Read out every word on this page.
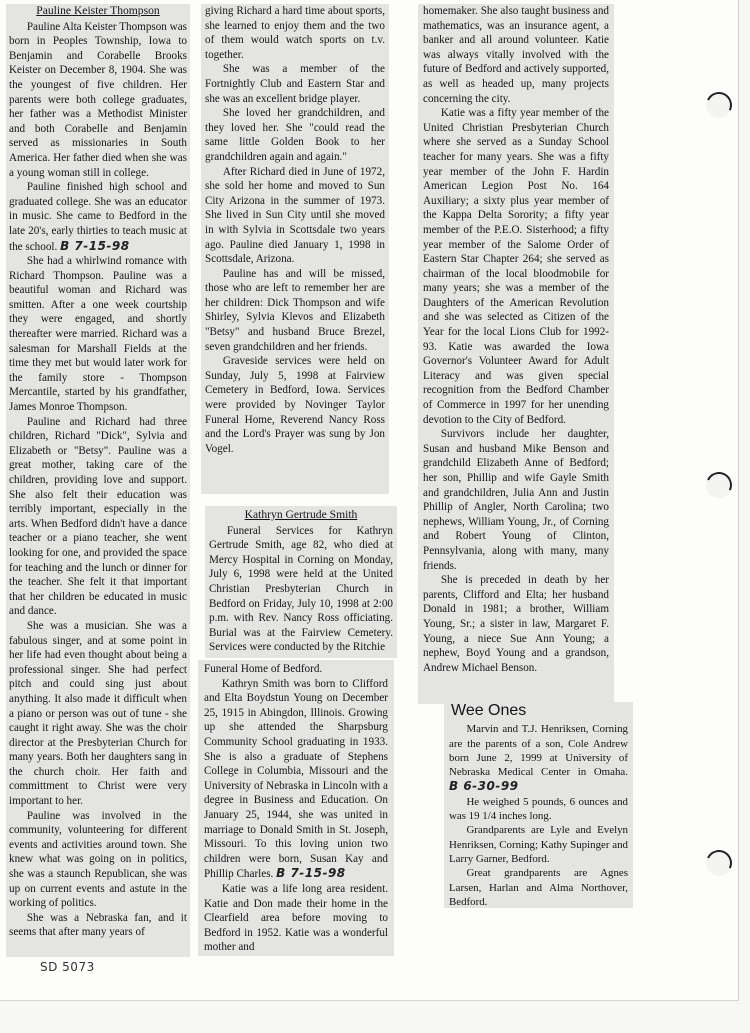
Pauline Keister Thompson

Pauline Alta Keister Thompson was born in Peoples Township, Iowa to Benjamin and Corabelle Brooks Keister on December 8, 1904. She was the youngest of five children. Her parents were both college graduates, her father was a Methodist Minister and both Corabelle and Benjamin served as missionaries in South America. Her father died when she was a young woman still in college.

Pauline finished high school and graduated college. She was an educator in music. She came to Bedford in the late 20's, early thirties to teach music at the school. B 7-15-98

She had a whirlwind romance with Richard Thompson. Pauline was a beautiful woman and Richard was smitten. After a one week courtship they were engaged, and shortly thereafter were married. Richard was a salesman for Marshall Fields at the time they met but would later work for the family store - Thompson Mercantile, started by his grandfather, James Monroe Thompson.

Pauline and Richard had three children, Richard "Dick", Sylvia and Elizabeth or "Betsy". Pauline was a great mother, taking care of the children, providing love and support. She also felt their education was terribly important, especially in the arts. When Bedford didn't have a dance teacher or a piano teacher, she went looking for one, and provided the space for teaching and the lunch or dinner for the teacher. She felt it that important that her children be educated in music and dance.

She was a musician. She was a fabulous singer, and at some point in her life had even thought about being a professional singer. She had perfect pitch and could sing just about anything. It also made it difficult when a piano or person was out of tune - she caught it right away. She was the choir director at the Presbyterian Church for many years. Both her daughters sang in the church choir. Her faith and committment to Christ were very important to her.

Pauline was involved in the community, volunteering for different events and activities around town. She knew what was going on in politics, she was a staunch Republican, she was up on current events and astute in the working of politics.

She was a Nebraska fan, and it seems that after many years of

giving Richard a hard time about sports, she learned to enjoy them and the two of them would watch sports on t.v. together.

She was a member of the Fortnightly Club and Eastern Star and she was an excellent bridge player.

She loved her grandchildren, and they loved her. She "could read the same little Golden Book to her grandchildren again and again."

After Richard died in June of 1972, she sold her home and moved to Sun City Arizona in the summer of 1973. She lived in Sun City until she moved in with Sylvia in Scottsdale two years ago. Pauline died January 1, 1998 in Scottsdale, Arizona.

Pauline has and will be missed, those who are left to remember her are her children: Dick Thompson and wife Shirley, Sylvia Klevos and Elizabeth "Betsy" and husband Bruce Brezel, seven grandchildren and her friends.

Graveside services were held on Sunday, July 5, 1998 at Fairview Cemetery in Bedford, Iowa. Services were provided by Novinger Taylor Funeral Home, Reverend Nancy Ross and the Lord's Prayer was sung by Jon Vogel.

Kathryn Gertrude Smith

Funeral Services for Kathryn Gertrude Smith, age 82, who died at Mercy Hospital in Corning on Monday, July 6, 1998 were held at the United Christian Presbyterian Church in Bedford on Friday, July 10, 1998 at 2:00 p.m. with Rev. Nancy Ross officiating. Burial was at the Fairview Cemetery. Services were conducted by the Ritchie

Funeral Home of Bedford.

Kathryn Smith was born to Clifford and Elta Boydstun Young on December 25, 1915 in Abingdon, Illinois. Growing up she attended the Sharpsburg Community School graduating in 1933. She is also a graduate of Stephens College in Columbia, Missouri and the University of Nebraska in Lincoln with a degree in Business and Education. On January 25, 1944, she was united in marriage to Donald Smith in St. Joseph, Missouri. To this loving union two children were born, Susan Kay and Phillip Charles. B 7-15-98

Katie was a life long area resident. Katie and Don made their home in the Clearfield area before moving to Bedford in 1952. Katie was a wonderful mother and

homemaker. She also taught business and mathematics, was an insurance agent, a banker and all around volunteer. Katie was always vitally involved with the future of Bedford and actively supported, as well as headed up, many projects concerning the city.

Katie was a fifty year member of the United Christian Presbyterian Church where she served as a Sunday School teacher for many years. She was a fifty year member of the John F. Hardin American Legion Post No. 164 Auxiliary; a sixty plus year member of the Kappa Delta Sorority; a fifty year member of the P.E.O. Sisterhood; a fifty year member of the Salome Order of Eastern Star Chapter 264; she served as chairman of the local bloodmobile for many years; she was a member of the Daughters of the American Revolution and she was selected as Citizen of the Year for the local Lions Club for 1992-93. Katie was awarded the Iowa Governor's Volunteer Award for Adult Literacy and was given special recognition from the Bedford Chamber of Commerce in 1997 for her unending devotion to the City of Bedford.

Survivors include her daughter, Susan and husband Mike Benson and grandchild Elizabeth Anne of Bedford; her son, Phillip and wife Gayle Smith and grandchildren, Julia Ann and Justin Phillip of Angler, North Carolina; two nephews, William Young, Jr., of Corning and Robert Young of Clinton, Pennsylvania, along with many, many friends.

She is preceded in death by her parents, Clifford and Elta; her husband Donald in 1981; a brother, William Young, Sr.; a sister in law, Margaret F. Young, a niece Sue Ann Young; a nephew, Boyd Young and a grandson, Andrew Michael Benson.

Wee Ones

Marvin and T.J. Henriksen, Corning are the parents of a son, Cole Andrew born June 2, 1999 at University of Nebraska Medical Center in Omaha. B 6-30-99

He weighed 5 pounds, 6 ounces and was 19 1/4 inches long.

Grandparents are Lyle and Evelyn Henriksen, Corning; Kathy Supinger and Larry Garner, Bedford.

Great grandparents are Agnes Larsen, Harlan and Alma Northover, Bedford.

SD 5073
